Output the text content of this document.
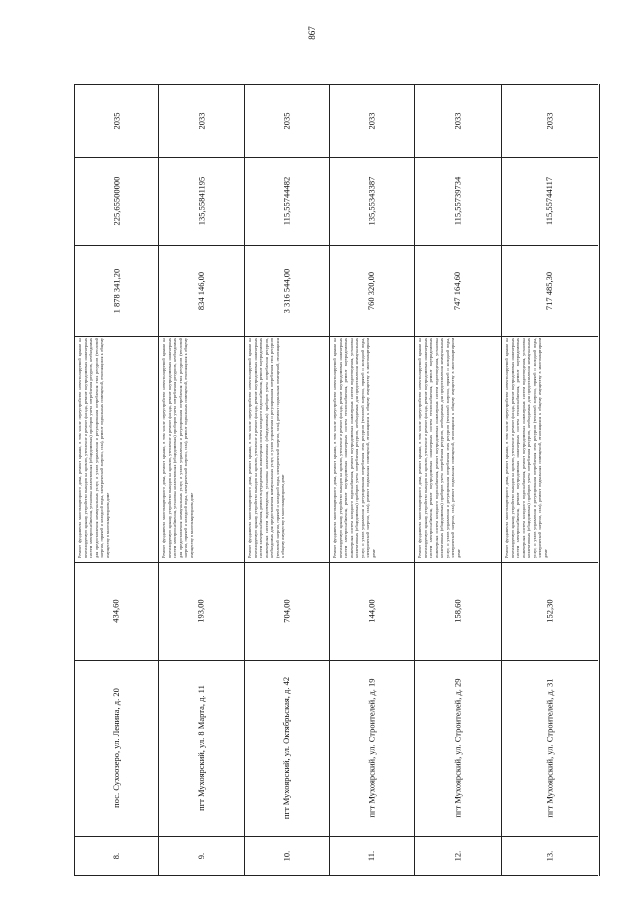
867
2035
225,65500000
1 878 341,20
Ремонт фундамента многоквартирного дома, ремонт крыши, в том числе переустройство невентилируемой крыши на вентилируемую крышу, устройство выходов на кровлю, утепление и ремонт фасада, ремонт внутридомовых инженерных систем электроснабжения, установка коллективных (общедомовых) приборов учета потребления ресурсов, необходимых для предоставления коммунальных услуг, и узлов управления и регулирования потребления этих ресурсов (тепловой энергии, горячей и холодной воды, электрической энергии, газа), ремонт подвальных помещений, относящихся к общему имуществу в многоквартирном доме
434,60
пос. Сухоозеро, ул. Ленина, д. 20
8.
2033
135,55841195
834 146,00
Ремонт фундамента многоквартирного дома, ремонт крыши, в том числе переустройство невентилируемой крыши на вентилируемую крышу, устройство выходов на кровлю, утепление и ремонт фасада, ремонт внутридомовых инженерных систем электроснабжения, установка коллективных (общедомовых) приборов учета потребления ресурсов, необходимых для предоставления коммунальных услуг, и узлов управления и регулирования потребления этих ресурсов (тепловой энергии, горячей и холодной воды, электрической энергии, газа), ремонт подвальных помещений, относящихся к общему имуществу в многоквартирном доме
193,00
пгт Мухоярский, ул. 8 Марта, д. 11
9.
2035
115,55744482
3 316 544,00
Ремонт фундамента многоквартирного дома, ремонт крыши, в том числе переустройство невентилируемой крыши на вентилируемую крышу, устройство выходов на кровлю, утепление и ремонт фасада, ремонт внутридомовых инженерных систем электроснабжения, ремонт внутридомовых инженерных систем холодного водоснабжения, ремонт внутридомовых инженерных систем водоотведения, установка коллективных (общедомовых) приборов учета потребления ресурсов, необходимых для предоставления коммунальных услуг, и узлов управления и регулирования потребления этих ресурсов (тепловой энергии, горячей и холодной воды, электрической энергии, газа), ремонт подвальных помещений, относящихся к общему имуществу в многоквартирном доме
704,00
пгт Мухоярский, ул. Октябрьская, д. 42
10.
2033
135,55343387
760 320,00
Ремонт фундамента многоквартирного дома, ремонт крыши, в том числе переустройство невентилируемой крыши на вентилируемую крышу, устройство выходов на кровлю, утепление и ремонт фасада, ремонт внутридомовых инженерных систем электроснабжения, ремонт внутридомовых инженерных систем теплоснабжения, ремонт внутридомовых инженерных систем холодного водоснабжения, ремонт внутридомовых инженерных систем водоотведения, установка коллективных (общедомовых) приборов учета потребления ресурсов, необходимых для предоставления коммунальных услуг, и узлов управления и регулирования потребления этих ресурсов (тепловой энергии, горячей и холодной воды, электрической энергии, газа), ремонт подвальных помещений, относящихся к общему имуществу в многоквартирном доме
144,00
пгт Мухоярский, ул. Строителей, д. 19
11.
2033
115,55739734
747 164,60
Ремонт фундамента многоквартирного дома, ремонт крыши, в том числе переустройство невентилируемой крыши на вентилируемую крышу, устройство выходов на кровлю, утепление и ремонт фасада, ремонт внутридомовых инженерных систем электроснабжения, ремонт внутридомовых инженерных систем теплоснабжения, ремонт внутридомовых инженерных систем холодного водоснабжения, ремонт внутридомовых инженерных систем водоотведения, установка коллективных (общедомовых) приборов учета потребления ресурсов, необходимых для предоставления коммунальных услуг, и узлов управления и регулирования потребления этих ресурсов (тепловой энергии, горячей и холодной воды, электрической энергии, газа), ремонт подвальных помещений, относящихся к общему имуществу в многоквартирном доме
158,60
пгт Мухоярский, ул. Строителей, д. 29
12.
2033
115,55744117
717 485,30
Ремонт фундамента многоквартирного дома, ремонт крыши, в том числе переустройство невентилируемой крыши на вентилируемую крышу, устройство выходов на кровлю, утепление и ремонт фасада, ремонт внутридомовых инженерных систем электроснабжения, ремонт внутридомовых инженерных систем теплоснабжения, ремонт внутридомовых инженерных систем холодного водоснабжения, ремонт внутридомовых инженерных систем водоотведения, установка коллективных (общедомовых) приборов учета потребления ресурсов, необходимых для предоставления коммунальных услуг, и узлов управления и регулирования потребления этих ресурсов (тепловой энергии, горячей и холодной воды, электрической энергии, газа), ремонт подвальных помещений, относящихся к общему имуществу в многоквартирном доме
152,30
пгт Мухоярский, ул. Строителей, д. 31
13.
